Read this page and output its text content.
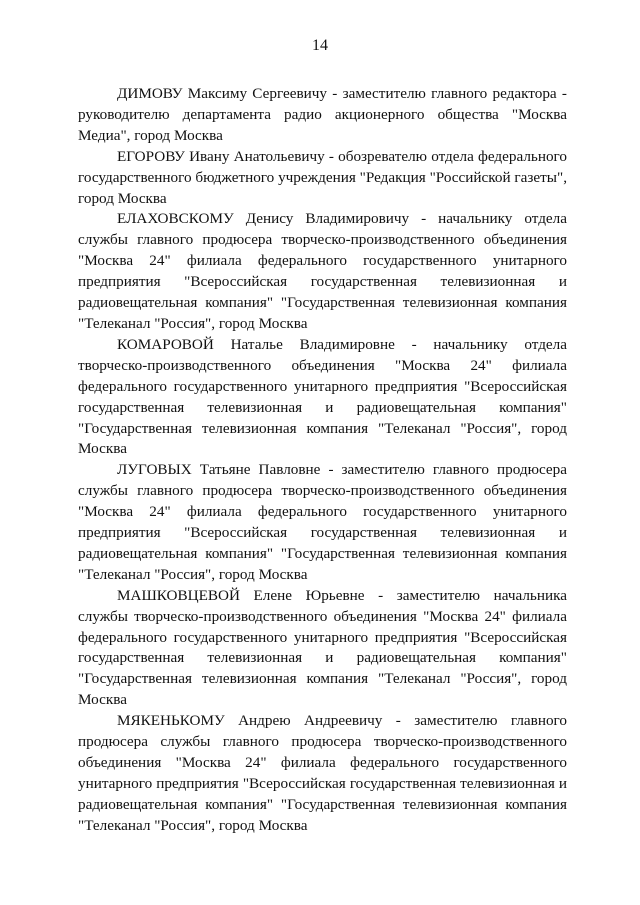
14

ДИМОВУ Максиму Сергеевичу - заместителю главного редактора - руководителю департамента радио акционерного общества "Москва Медиа", город Москва

ЕГОРОВУ Ивану Анатольевичу - обозревателю отдела федерального государственного бюджетного учреждения "Редакция "Российской газеты", город Москва

ЕЛАХОВСКОМУ Денису Владимировичу - начальнику отдела службы главного продюсера творческо-производственного объединения "Москва 24" филиала федерального государственного унитарного предприятия "Всероссийская государственная телевизионная и радиовещательная компания" "Государственная телевизионная компания "Телеканал "Россия", город Москва

КОМАРОВОЙ Наталье Владимировне - начальнику отдела творческо-производственного объединения "Москва 24" филиала федерального государственного унитарного предприятия "Всероссийская государственная телевизионная и радиовещательная компания" "Государственная телевизионная компания "Телеканал "Россия", город Москва

ЛУГОВЫХ Татьяне Павловне - заместителю главного продюсера службы главного продюсера творческо-производственного объединения "Москва 24" филиала федерального государственного унитарного предприятия "Всероссийская государственная телевизионная и радиовещательная компания" "Государственная телевизионная компания "Телеканал "Россия", город Москва

МАШКОВЦЕВОЙ Елене Юрьевне - заместителю начальника службы творческо-производственного объединения "Москва 24" филиала федерального государственного унитарного предприятия "Всероссийская государственная телевизионная и радиовещательная компания" "Государственная телевизионная компания "Телеканал "Россия", город Москва

МЯКЕНЬКОМУ Андрею Андреевичу - заместителю главного продюсера службы главного продюсера творческо-производственного объединения "Москва 24" филиала федерального государственного унитарного предприятия "Всероссийская государственная телевизионная и радиовещательная компания" "Государственная телевизионная компания "Телеканал "Россия", город Москва
